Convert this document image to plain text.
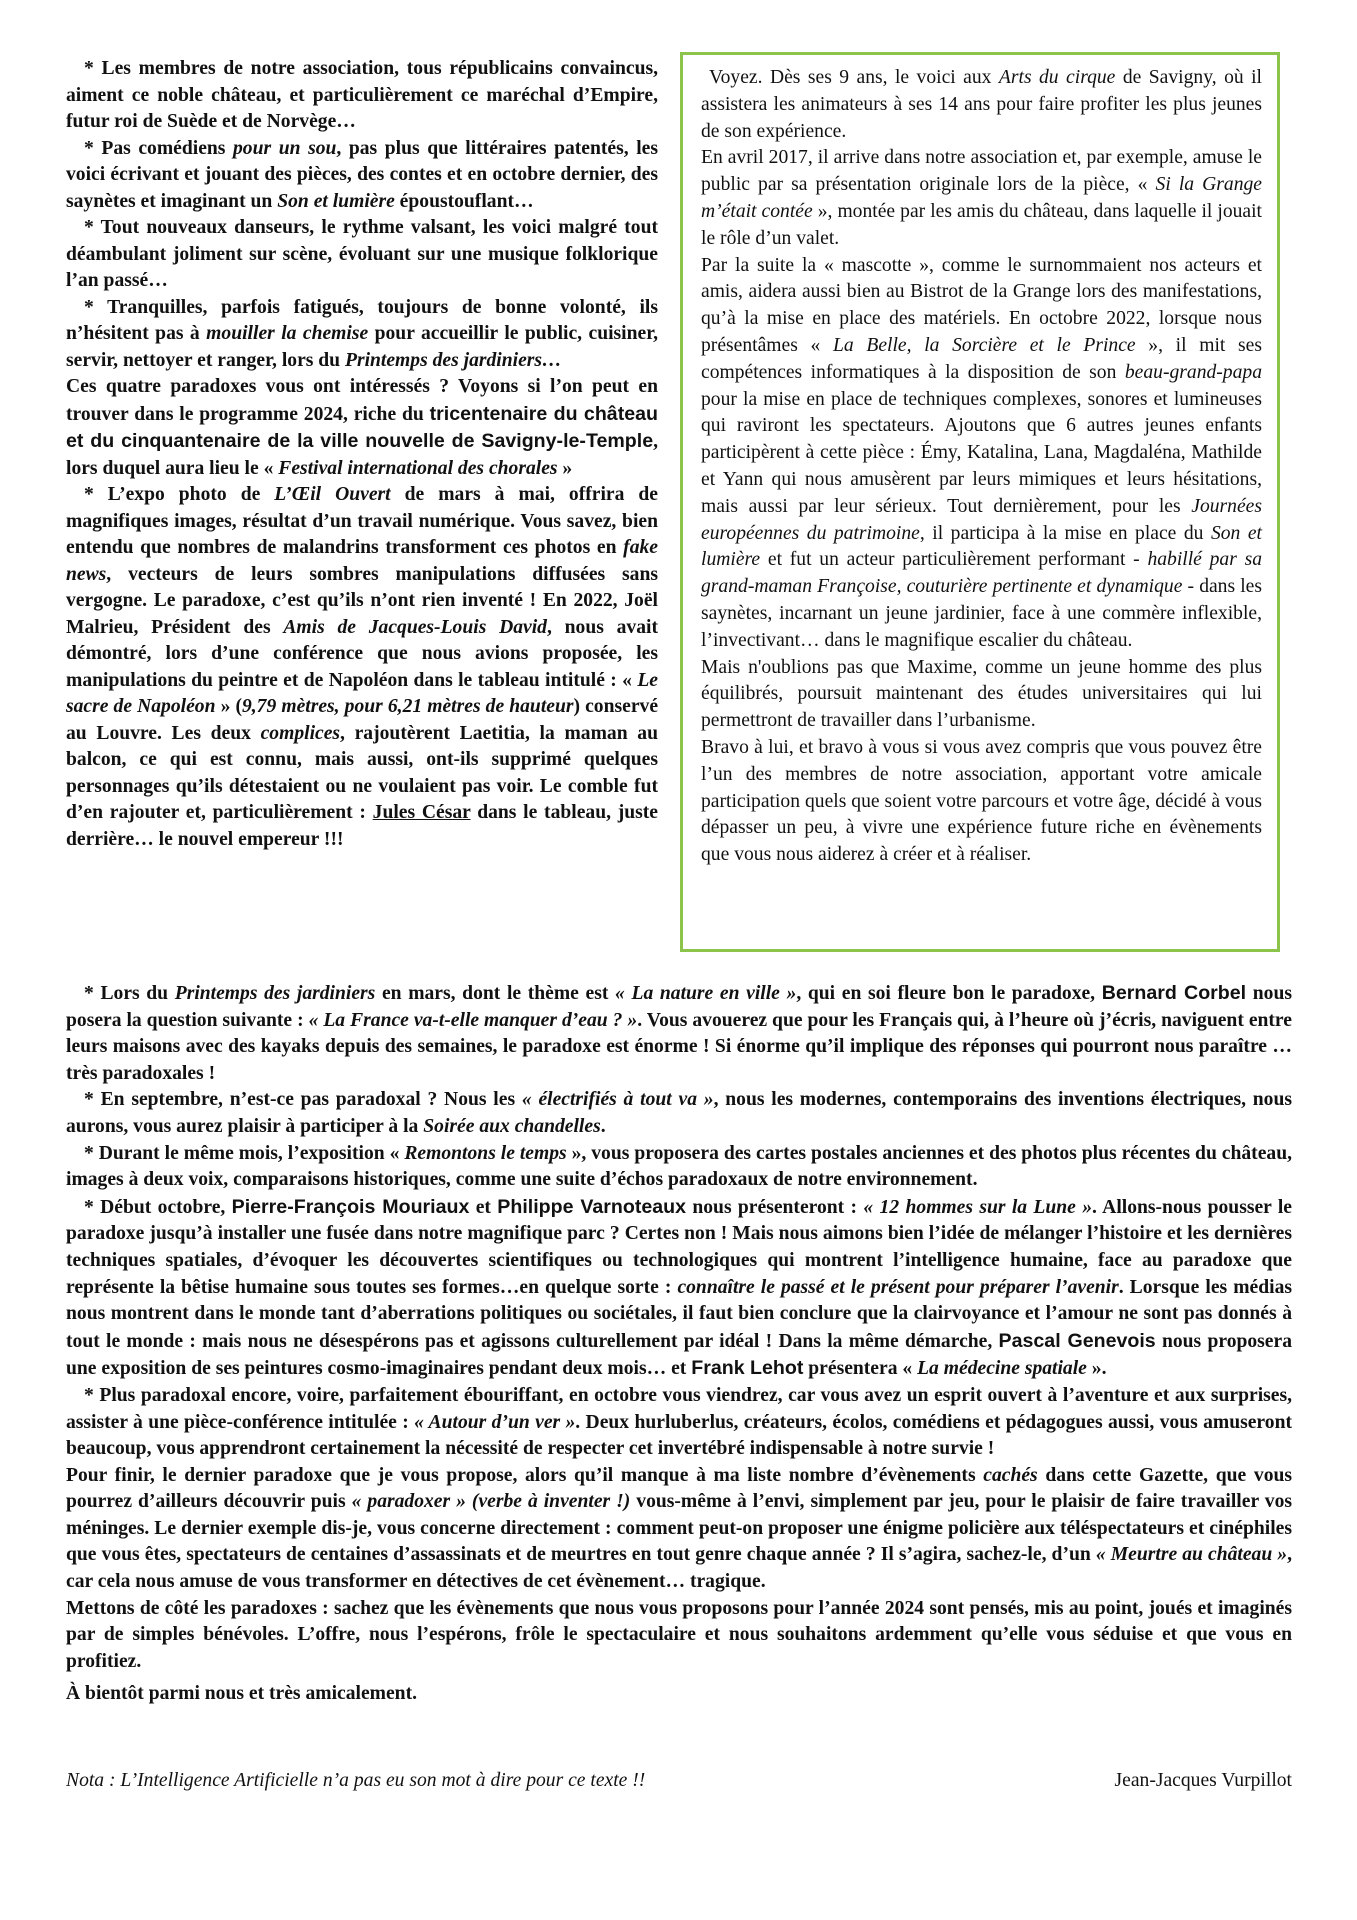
* Les membres de notre association, tous républicains convaincus, aiment ce noble château, et particulièrement ce maréchal d’Empire, futur roi de Suède et de Norvège…

* Pas comédiens pour un sou, pas plus que littéraires patentés, les voici écrivant et jouant des pièces, des contes et en octobre dernier, des saynètes et imaginant un Son et lumière époustouflant…

* Tout nouveaux danseurs, le rythme valsant, les voici malgré tout déambulant joliment sur scène, évoluant sur une musique folklorique l’an passé…

* Tranquilles, parfois fatigués, toujours de bonne volonté, ils n’hésitent pas à mouiller la chemise pour accueillir le public, cuisiner, servir, nettoyer et ranger, lors du Printemps des jardiniers…

Ces quatre paradoxes vous ont intéressés ? Voyons si l’on peut en trouver dans le programme 2024, riche du tricentenaire du château et du cinquantenaire de la ville nouvelle de Savigny-le-Temple, lors duquel aura lieu le « Festival international des chorales »

* L’expo photo de L’Œil Ouvert de mars à mai, offrira de magnifiques images, résultat d’un travail numérique. Vous savez, bien entendu que nombres de malandrins transforment ces photos en fake news, vecteurs de leurs sombres manipulations diffusées sans vergogne. Le paradoxe, c’est qu’ils n’ont rien inventé ! En 2022, Joël Malrieu, Président des Amis de Jacques-Louis David, nous avait démontré, lors d’une conférence que nous avions proposée, les manipulations du peintre et de Napoléon dans le tableau intitulé : « Le sacre de Napoléon » (9,79 mètres, pour 6,21 mètres de hauteur) conservé au Louvre. Les deux complices, rajoutèrent Laetitia, la maman au balcon, ce qui est connu, mais aussi, ont-ils supprimé quelques personnages qu’ils détestaient ou ne voulaient pas voir. Le comble fut d’en rajouter et, particulièrement : Jules César dans le tableau, juste derrière… le nouvel empereur !!!

Voyez. Dès ses 9 ans, le voici aux Arts du cirque de Savigny, où il assistera les animateurs à ses 14 ans pour faire profiter les plus jeunes de son expérience.

En avril 2017, il arrive dans notre association et, par exemple, amuse le public par sa présentation originale lors de la pièce, « Si la Grange m’était contée », montée par les amis du château, dans laquelle il jouait le rôle d’un valet.

Par la suite la « mascotte », comme le surnommaient nos acteurs et amis, aidera aussi bien au Bistrot de la Grange lors des manifestations, qu’à la mise en place des matériels. En octobre 2022, lorsque nous présentâmes « La Belle, la Sorcière et le Prince », il mit ses compétences informatiques à la disposition de son beau-grand-papa pour la mise en place de techniques complexes, sonores et lumineuses qui raviront les spectateurs. Ajoutons que 6 autres jeunes enfants participèrent à cette pièce : Émy, Katalina, Lana, Magdaléna, Mathilde et Yann qui nous amusèrent par leurs mimiques et leurs hésitations, mais aussi par leur sérieux. Tout dernièrement, pour les Journées européennes du patrimoine, il participa à la mise en place du Son et lumière et fut un acteur particulièrement performant - habillé par sa grand-maman Françoise, couturière pertinente et dynamique - dans les saynètes, incarnant un jeune jardinier, face à une commère inflexible, l’invectivant… dans le magnifique escalier du château.

Mais n'oublions pas que Maxime, comme un jeune homme des plus équilibrés, poursuit maintenant des études universitaires qui lui permettront de travailler dans l’urbanisme.

Bravo à lui, et bravo à vous si vous avez compris que vous pouvez être l’un des membres de notre association, apportant votre amicale participation quels que soient votre parcours et votre âge, décidé à vous dépasser un peu, à vivre une expérience future riche en évènements que vous nous aiderez à créer et à réaliser.

* Lors du Printemps des jardiniers en mars, dont le thème est « La nature en ville », qui en soi fleure bon le paradoxe, Bernard Corbel nous posera la question suivante : « La France va-t-elle manquer d’eau ? ». Vous avouerez que pour les Français qui, à l’heure où j’écris, naviguent entre leurs maisons avec des kayaks depuis des semaines, le paradoxe est énorme ! Si énorme qu’il implique des réponses qui pourront nous paraître …très paradoxales !

* En septembre, n’est-ce pas paradoxal ? Nous les « électrifiés à tout va », nous les modernes, contemporains des inventions électriques, nous aurons, vous aurez plaisir à participer à la Soirée aux chandelles.

* Durant le même mois, l’exposition « Remontons le temps », vous proposera des cartes postales anciennes et des photos plus récentes du château, images à deux voix, comparaisons historiques, comme une suite d’échos paradoxaux de notre environnement.

* Début octobre, Pierre-François Mouriaux et Philippe Varnoteaux nous présenteront : « 12 hommes sur la Lune ». Allons-nous pousser le paradoxe jusqu’à installer une fusée dans notre magnifique parc ? Certes non ! Mais nous aimons bien l’idée de mélanger l’histoire et les dernières techniques spatiales, d’évoquer les découvertes scientifiques ou technologiques qui montrent l’intelligence humaine, face au paradoxe que représente la bêtise humaine sous toutes ses formes…en quelque sorte : connaître le passé et le présent pour préparer l’avenir. Lorsque les médias nous montrent dans le monde tant d’aberrations politiques ou sociétales, il faut bien conclure que la clairvoyance et l’amour ne sont pas donnés à tout le monde : mais nous ne désespérons pas et agissons culturellement par idéal ! Dans la même démarche, Pascal Genevois nous proposera une exposition de ses peintures cosmo-imaginaires pendant deux mois… et Frank Lehot présentera « La médecine spatiale ».

* Plus paradoxal encore, voire, parfaitement ébouriffant, en octobre vous viendrez, car vous avez un esprit ouvert à l’aventure et aux surprises, assister à une pièce-conférence intitulée : « Autour d’un ver ». Deux hurluberlus, créateurs, écolos, comédiens et pédagogues aussi, vous amuseront beaucoup, vous apprendront certainement la nécessité de respecter cet invertébré indispensable à notre survie !

Pour finir, le dernier paradoxe que je vous propose, alors qu’il manque à ma liste nombre d’évènements cachés dans cette Gazette, que vous pourrez d’ailleurs découvrir puis « paradoxer » (verbe à inventer !) vous-même à l’envi, simplement par jeu, pour le plaisir de faire travailler vos méninges. Le dernier exemple dis-je, vous concerne directement : comment peut-on proposer une énigme policière aux téléspectateurs et cinéphiles que vous êtes, spectateurs de centaines d’assassinats et de meurtres en tout genre chaque année ? Il s’agira, sachez-le, d’un « Meurtre au château », car cela nous amuse de vous transformer en détectives de cet évènement… tragique.

Mettons de côté les paradoxes : sachez que les évènements que nous vous proposons pour l’année 2024 sont pensés, mis au point, joués et imaginés par de simples bénévoles. L’offre, nous l’espérons, frôle le spectaculaire et nous souhaitons ardemment qu’elle vous séduise et que vous en profitiez.

À bientôt parmi nous et très amicalement.

Nota : L’Intelligence Artificielle n’a pas eu son mot à dire pour ce texte !!	Jean-Jacques Vurpillot
